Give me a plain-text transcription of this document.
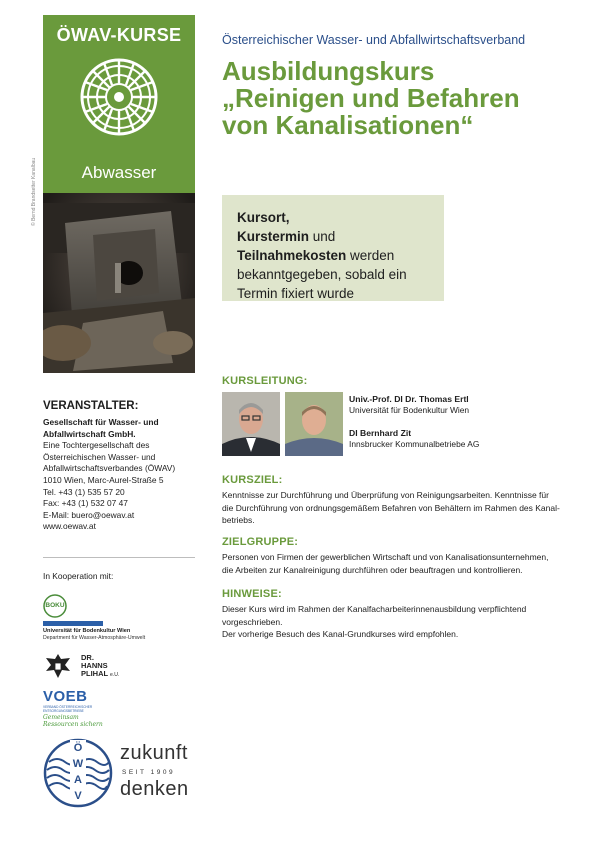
ÖWAV-KURSE
Abwasser
© Bernd Brandsetter Kanalbau
Österreichischer Wasser- und Abfallwirtschaftsverband
Ausbildungskurs
„Reinigen und Befahren
von Kanalisationen“
Kursort,
Kurstermin und
Teilnahmekosten werden
bekanntgegeben, sobald ein
Termin fixiert wurde
KURSLEITUNG:
Univ.-Prof. DI Dr. Thomas Ertl
Universität für Bodenkultur Wien
DI Bernhard Zit
Innsbrucker Kommunalbetriebe AG
KURSZIEL:
Kenntnisse zur Durchführung und Überprüfung von Reinigungsarbeiten. Kenntnisse für
die Durchführung von ordnungsgemäßem Befahren von Behältern im Rahmen des Kanal-
betriebs.
ZIELGRUPPE:
Personen von Firmen der gewerblichen Wirtschaft und von Kanalisationsunternehmen,
die Arbeiten zur Kanalreinigung durchführen oder beauftragen und kontrollieren.
HINWEISE:
Dieser Kurs wird im Rahmen der Kanalfacharbeiterinnenausbildung verpflichtend
vorgeschrieben.
Der vorherige Besuch des Kanal-Grundkurses wird empfohlen.
VERANSTALTER:
Gesellschaft für Wasser- und
Abfallwirtschaft GmbH.
Eine Tochtergesellschaft des
Österreichischen Wasser- und
Abfallwirtschaftsverbandes (ÖWAV)
1010 Wien, Marc-Aurel-Straße 5
Tel. +43 (1) 535 57 20
Fax: +43 (1) 532 07 47
E-Mail: buero@oewav.at
www.oewav.at
In Kooperation mit:
BOKU
Universität für Bodenkultur Wien
Department für Wasser-Atmosphäre-Umwelt
DR.
HANNS
PLIHAL e.U.
VOEB
VERBAND ÖSTERREICHISCHER ENTSORGUNGSBETRIEBE
Gemeinsam
Ressourcen sichern
Ö
W
A
V
zukunft
SEIT 1909
denken
